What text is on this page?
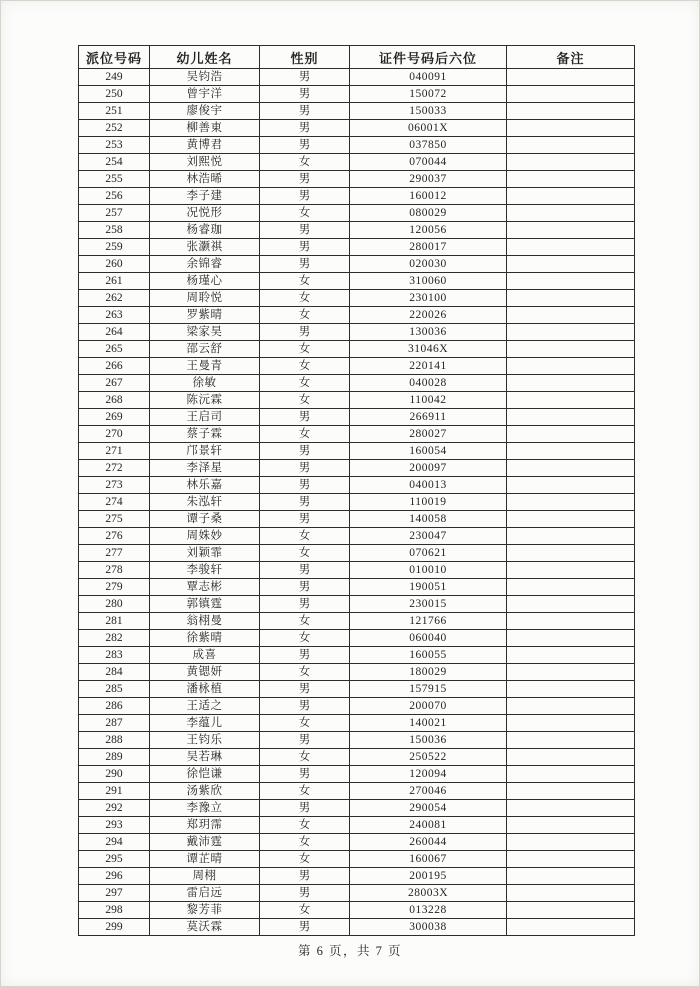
派位号码	幼儿姓名	性别	证件号码后六位	备注
249	吴钧浩	男	040091	
250	曾宇洋	男	150072	
251	廖俊宇	男	150033	
252	柳善東	男	06001X	
253	黄博君	男	037850	
254	刘熙悦	女	070044	
255	林浩晞	男	290037	
256	李子建	男	160012	
257	况悦形	女	080029	
258	杨睿珈	男	120056	
259	张灏祺	男	280017	
260	余锦睿	男	020030	
261	杨瑾心	女	310060	
262	周聆悦	女	230100	
263	罗紫晴	女	220026	
264	梁家昊	男	130036	
265	邵云舒	女	31046X	
266	王曼青	女	220141	
267	徐敏	女	040028	
268	陈沅霖	女	110042	
269	王启司	男	266911	
270	蔡子霖	女	280027	
271	邝景轩	男	160054	
272	李泽星	男	200097	
273	林乐嘉	男	040013	
274	朱泓轩	男	110019	
275	谭子桑	男	140058	
276	周姝妙	女	230047	
277	刘颖霏	女	070621	
278	李骏轩	男	010010	
279	覃志彬	男	190051	
280	郭镇霆	男	230015	
281	翁栩曼	女	121766	
282	徐紫晴	女	060040	
283	成喜	男	160055	
284	黄锶妍	女	180029	
285	潘栐植	男	157915	
286	王适之	男	200070	
287	李蕴儿	女	140021	
288	王钧乐	男	150036	
289	吴若琳	女	250522	
290	徐恺谦	男	120094	
291	汤紫欣	女	270046	
292	李豫立	男	290054	
293	郑玥霈	女	240081	
294	戴沛霆	女	260044	
295	谭芷晴	女	160067	
296	周栩	男	200195	
297	雷启远	男	28003X	
298	黎芳菲	女	013228	
299	莫沃霖	男	300038	
第 6 页，共 7 页
